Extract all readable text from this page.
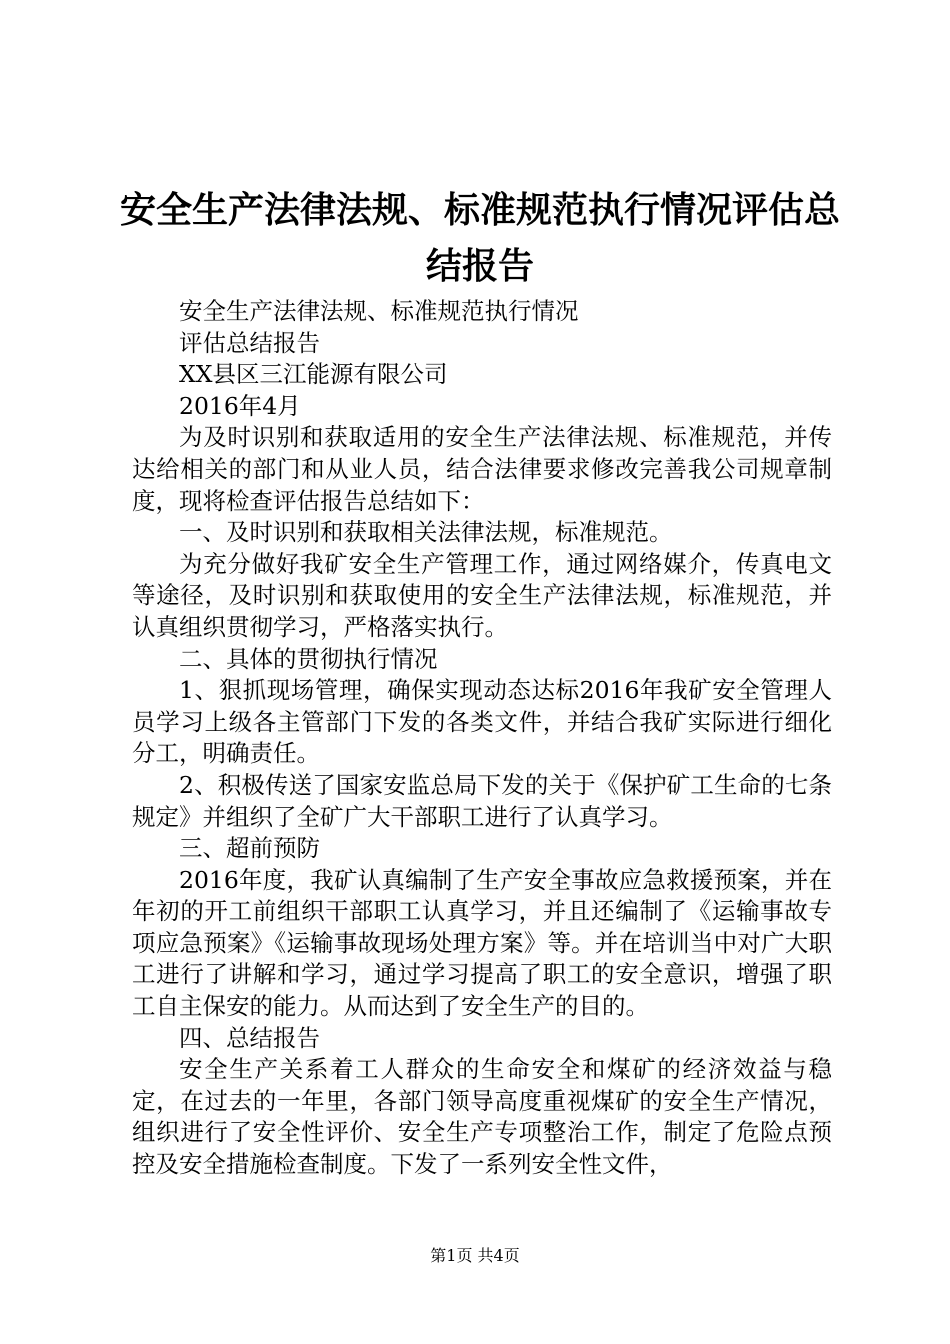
安全生产法律法规、标准规范执行情况评估总
结报告

安全生产法律法规、标准规范执行情况

评估总结报告

XX县区三江能源有限公司

2016年4月

为及时识别和获取适用的安全生产法律法规、标准规范，并传达给相关的部门和从业人员，结合法律要求修改完善我公司规章制度，现将检查评估报告总结如下：

一、及时识别和获取相关法律法规，标准规范。

为充分做好我矿安全生产管理工作，通过网络媒介，传真电文等途径，及时识别和获取使用的安全生产法律法规，标准规范，并认真组织贯彻学习，严格落实执行。

二、具体的贯彻执行情况

1、狠抓现场管理，确保实现动态达标2016年我矿安全管理人员学习上级各主管部门下发的各类文件，并结合我矿实际进行细化分工，明确责任。

2、积极传送了国家安监总局下发的关于《保护矿工生命的七条规定》并组织了全矿广大干部职工进行了认真学习。

三、超前预防

2016年度，我矿认真编制了生产安全事故应急救援预案，并在年初的开工前组织干部职工认真学习，并且还编制了《运输事故专项应急预案》《运输事故现场处理方案》等。并在培训当中对广大职工进行了讲解和学习，通过学习提高了职工的安全意识，增强了职工自主保安的能力。从而达到了安全生产的目的。

四、总结报告

安全生产关系着工人群众的生命安全和煤矿的经济效益与稳定，在过去的一年里，各部门领导高度重视煤矿的安全生产情况，组织进行了安全性评价、安全生产专项整治工作，制定了危险点预控及安全措施检查制度。下发了一系列安全性文件，

第1页 共4页
